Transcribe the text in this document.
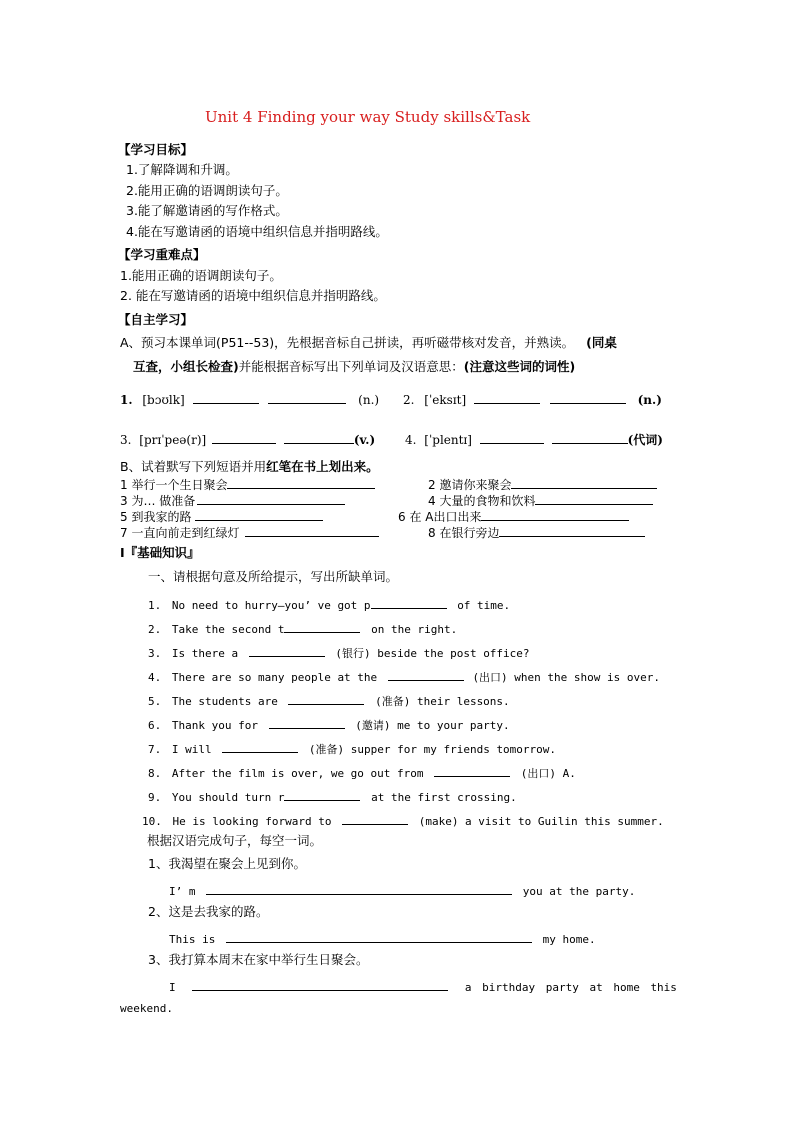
Unit 4 Finding your way Study skills&Task
【学习目标】
1.了解降调和升调。
2.能用正确的语调朗读句子。
3.能了解邀请函的写作格式。
4.能在写邀请函的语境中组织信息并指明路线。
【学习重难点】
1.能用正确的语调朗读句子。
2. 能在写邀请函的语境中组织信息并指明路线。
【自主学习】
A、预习本课单词(P51--53)，先根据音标自己拼读，再听磁带核对发音，并熟读。 (同桌
互查，小组长检查)并能根据音标写出下列单词及汉语意思：(注意这些词的词性)
1. [bɔʊlk]	(n.) 2. [ˈeksɪt]	(n.)
3. [prɪˈpeə(r)]	(v.) 4. [ˈplentɪ]	(代词)
B、试着默写下列短语并用红笔在书上划出来。
1 举行一个生日聚会	2 邀请你来聚会
3 为… 做准备	4 大量的食物和饮料
5 到我家的路	6 在 A出口出来
7 一直向前走到红绿灯	8 在银行旁边
Ⅰ『基础知识』
一、请根据句意及所给提示，写出所缺单词。
1. No need to hurry—you’ ve got p	of time.
2. Take the second t	on the right.
3. Is there a	(银行) beside the post office?
4. There are so many people at the	(出口) when the show is over.
5. The students are	(准备) their lessons.
6. Thank you for	(邀请) me to your party.
7. I will	(准备) supper for my friends tomorrow.
8. After the film is over, we go out from	(出口) A.
9. You should turn r	at the first crossing.
10. He is looking forward to	(make) a visit to Guilin this summer.
根据汉语完成句子，每空一词。
1、我渴望在聚会上见到你。
I’ m	you at the party.
2、这是去我家的路。
This is	my home.
3、我打算本周末在家中举行生日聚会。
I	a birthday party at home this
weekend.
